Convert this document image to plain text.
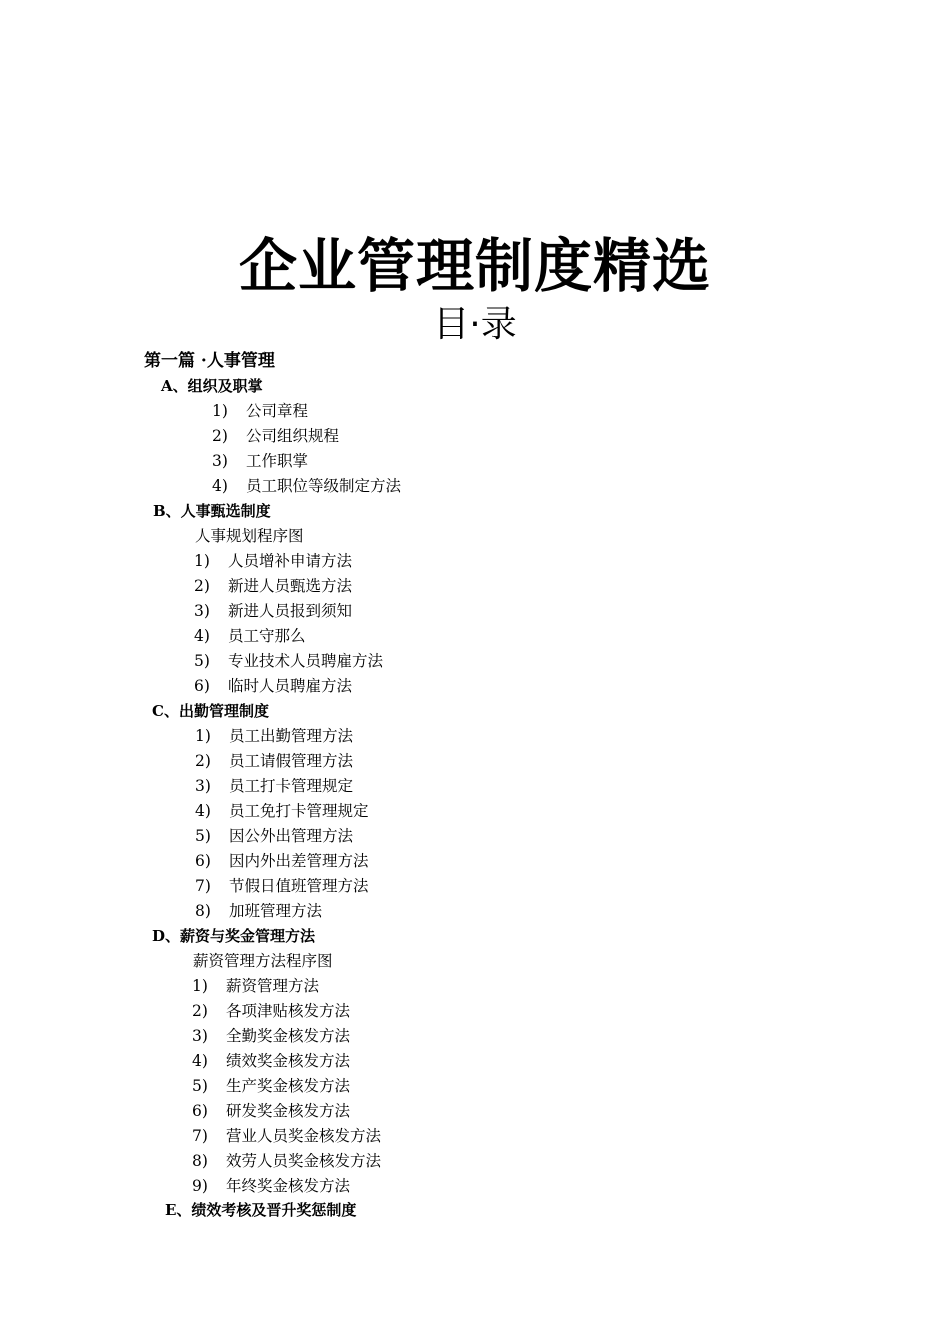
企业管理制度精选
目·录
第一篇 ·人事管理
A、组织及职掌
1) 公司章程
2) 公司组织规程
3) 工作职掌
4) 员工职位等级制定方法
B、人事甄选制度
人事规划程序图
1) 人员增补申请方法
2) 新进人员甄选方法
3) 新进人员报到须知
4) 员工守那么
5) 专业技术人员聘雇方法
6) 临时人员聘雇方法
C、出勤管理制度
1) 员工出勤管理方法
2) 员工请假管理方法
3) 员工打卡管理规定
4) 员工免打卡管理规定
5) 因公外出管理方法
6) 因内外出差管理方法
7) 节假日值班管理方法
8) 加班管理方法
D、薪资与奖金管理方法
薪资管理方法程序图
1) 薪资管理方法
2) 各项津贴核发方法
3) 全勤奖金核发方法
4) 绩效奖金核发方法
5) 生产奖金核发方法
6) 研发奖金核发方法
7) 营业人员奖金核发方法
8) 效劳人员奖金核发方法
9) 年终奖金核发方法
E、绩效考核及晋升奖惩制度
